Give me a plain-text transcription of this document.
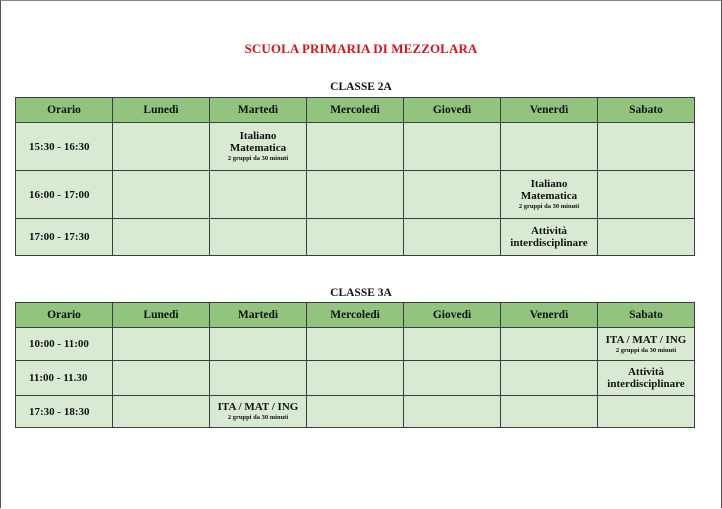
SCUOLA PRIMARIA DI MEZZOLARA
CLASSE 2A
Orario	Lunedì	Martedì	Mercoledì	Giovedì	Venerdì	Sabato
15:30 - 16:30		Italiano
Matematica
2 gruppi da 30 minuti				

16:00 - 17:00					Italiano
Matematica
2 gruppi da 30 minuti	

17:00 - 17:30					Attività
interdisciplinare	

CLASSE 3A
Orario	Lunedì	Martedì	Mercoledì	Giovedì	Venerdì	Sabato
10:00 - 11:00						ITA / MAT / ING
2 gruppi da 30 minuti

11:00 - 11.30						Attività
interdisciplinare

17:30 - 18:30		ITA / MAT / ING
2 gruppi da 30 minuti				
